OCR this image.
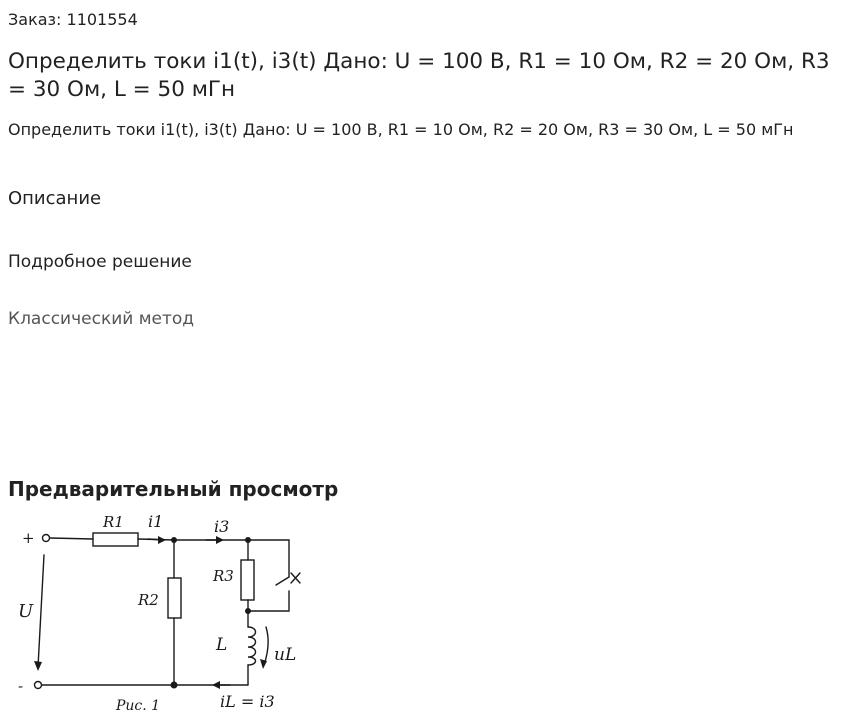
Заказ: 1101554
Определить токи i1(t), i3(t) Дано: U = 100 В, R1 = 10 Ом, R2 = 20 Ом, R3 = 30 Ом, L = 50 мГн
Определить токи i1(t), i3(t) Дано: U = 100 В, R1 = 10 Ом, R2 = 20 Ом, R3 = 30 Ом, L = 50 мГн
Описание
Подробное решение
Классический метод
Предварительный просмотр
+
-
U
R1 i1	i3
R2
R3
L	uL
iL = i3
Рис. 1
